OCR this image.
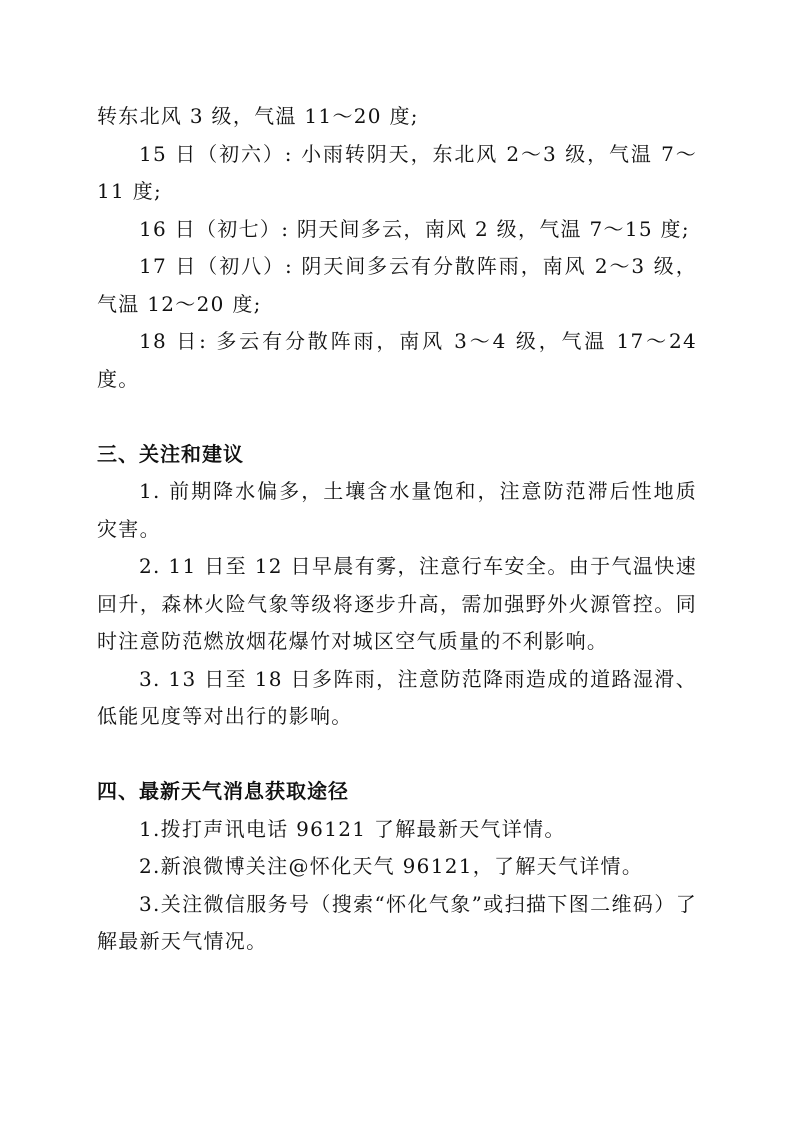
转东北风 3 级，气温 11～20 度;

15 日（初六）: 小雨转阴天，东北风 2～3 级，气温 7～11 度;

16 日（初七）: 阴天间多云，南风 2 级，气温 7～15 度;

17 日（初八）: 阴天间多云有分散阵雨，南风 2～3 级，气温 12～20 度;

18 日: 多云有分散阵雨，南风 3～4 级，气温 17～24 度。

三、关注和建议

1. 前期降水偏多，土壤含水量饱和，注意防范滞后性地质灾害。

2. 11 日至 12 日早晨有雾，注意行车安全。由于气温快速回升，森林火险气象等级将逐步升高，需加强野外火源管控。同时注意防范燃放烟花爆竹对城区空气质量的不利影响。

3. 13 日至 18 日多阵雨，注意防范降雨造成的道路湿滑、低能见度等对出行的影响。

四、最新天气消息获取途径

1.拨打声讯电话 96121 了解最新天气详情。

2.新浪微博关注@怀化天气 96121，了解天气详情。

3.关注微信服务号（搜索“怀化气象”或扫描下图二维码）了解最新天气情况。
